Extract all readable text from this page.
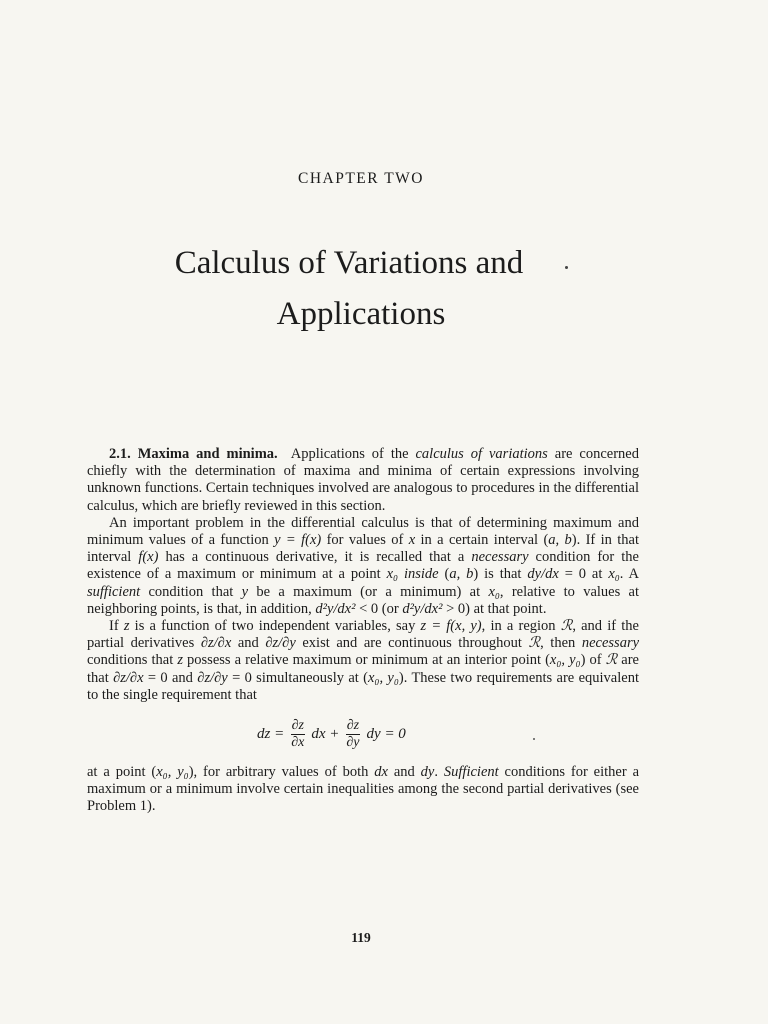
CHAPTER TWO
Calculus of Variations and
Applications

2.1. Maxima and minima. Applications of the calculus of variations are concerned chiefly with the determination of maxima and minima of certain expressions involving unknown functions. Certain techniques involved are analogous to procedures in the differential calculus, which are briefly reviewed in this section.

An important problem in the differential calculus is that of determining maximum and minimum values of a function y = f(x) for values of x in a certain interval (a, b). If in that interval f(x) has a continuous derivative, it is recalled that a necessary condition for the existence of a maximum or minimum at a point x₀ inside (a, b) is that dy/dx = 0 at x₀. A sufficient condition that y be a maximum (or a minimum) at x₀, relative to values at neighboring points, is that, in addition, d²y/dx² < 0 (or d²y/dx² > 0) at that point.

If z is a function of two independent variables, say z = f(x, y), in a region ℛ, and if the partial derivatives ∂z/∂x and ∂z/∂y exist and are continuous throughout ℛ, then necessary conditions that z possess a relative maximum or minimum at an interior point (x₀, y₀) of ℛ are that ∂z/∂x = 0 and ∂z/∂y = 0 simultaneously at (x₀, y₀). These two requirements are equivalent to the single requirement that

dz = $\frac{\partial z}{\partial x}$ dx + $\frac{\partial z}{\partial y}$ dy = 0

at a point (x₀, y₀), for arbitrary values of both dx and dy. Sufficient conditions for either a maximum or a minimum involve certain inequalities among the second partial derivatives (see Problem 1).

119
